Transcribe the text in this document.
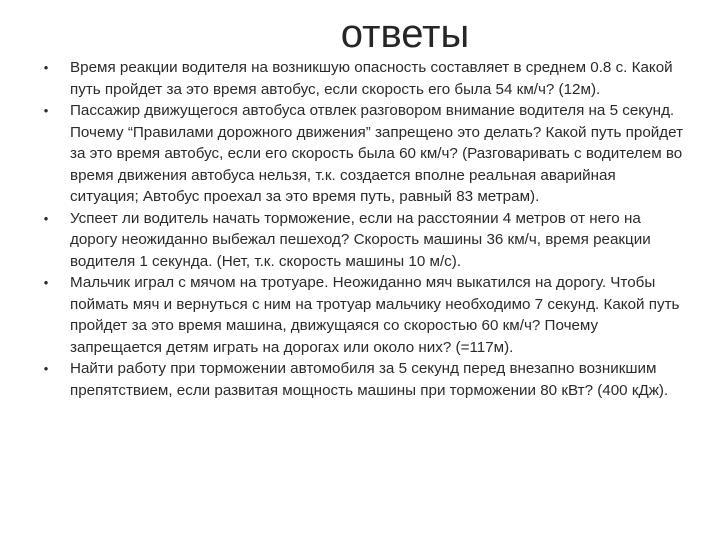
ответы
• Время реакции водителя на возникшую опасность составляет в среднем 0.8 с. Какой путь пройдет за это время автобус, если скорость его была 54 км/ч? (12м).
• Пассажир движущегося автобуса отвлек разговором внимание водителя на 5 секунд. Почему “Правилами дорожного движения” запрещено это делать? Какой путь пройдет за это время автобус, если его скорость была 60 км/ч? (Разговаривать с водителем во время движения автобуса нельзя, т.к. создается вполне реальная аварийная ситуация; Автобус проехал за это время путь, равный 83 метрам).
• Успеет ли водитель начать торможение, если на расстоянии 4 метров от него на дорогу неожиданно выбежал пешеход? Скорость машины 36 км/ч, время реакции водителя 1 секунда. (Нет, т.к. скорость машины 10 м/с).
• Мальчик играл с мячом на тротуаре. Неожиданно мяч выкатился на дорогу. Чтобы поймать мяч и вернуться с ним на тротуар мальчику необходимо 7 секунд. Какой путь пройдет за это время машина, движущаяся со скоростью 60 км/ч? Почему запрещается детям играть на дорогах или около них? (=117м).
• Найти работу при торможении автомобиля за 5 секунд перед внезапно возникшим препятствием, если развитая мощность машины при торможении 80 кВт? (400 кДж).
